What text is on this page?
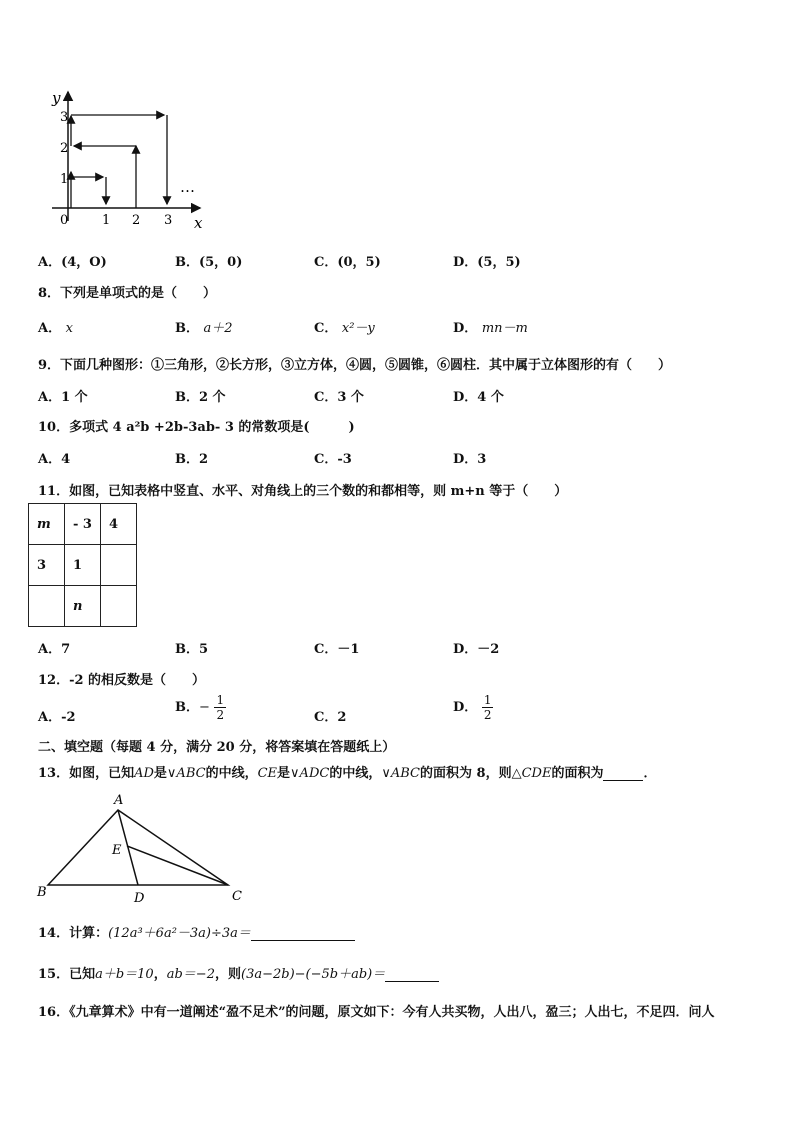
y
x
0	1 2 3
1
2
3
…
A．(4，O)	B．(5，0)	C．(0，5)	D．(5，5)
8．下列是单项式的是（　　）
A． x	B． a＋2	C． x²－y	D． mn－m
9．下面几种图形：①三角形，②长方形，③立方体，④圆，⑤圆锥，⑥圆柱．其中属于立体图形的有（　　）
A．1 个	B．2 个	C．3 个	D．4 个
10．多项式 4 a²b +2b-3ab- 3 的常数项是(　　　)
A．4	B．2	C．-3	D．3
11．如图，已知表格中竖直、水平、对角线上的三个数的和都相等，则 m+n 等于（　　）
m	- 3	4
3	1	
	n	
A．7	B．5	C．－1	D．－2
12．-2 的相反数是（　　）
A．-2
B．− $\frac{1}{2}$	C．2
D． $\frac{1}{2}$
二、填空题（每题 4 分，满分 20 分，将答案填在答题纸上）
13．如图，已知AD是∨ABC的中线，CE是∨ADC的中线，∨ABC的面积为 8，则△CDE的面积为	．
A
B	C
D
E
14．计算：(12a³＋6a²－3a)÷3a＝
15．已知a＋b＝10，ab＝−2，则(3a−2b)−(−5b＋ab)＝
16．《九章算术》中有一道阐述“盈不足术”的问题，原文如下：今有人共买物，人出八，盈三；人出七，不足四．问人
